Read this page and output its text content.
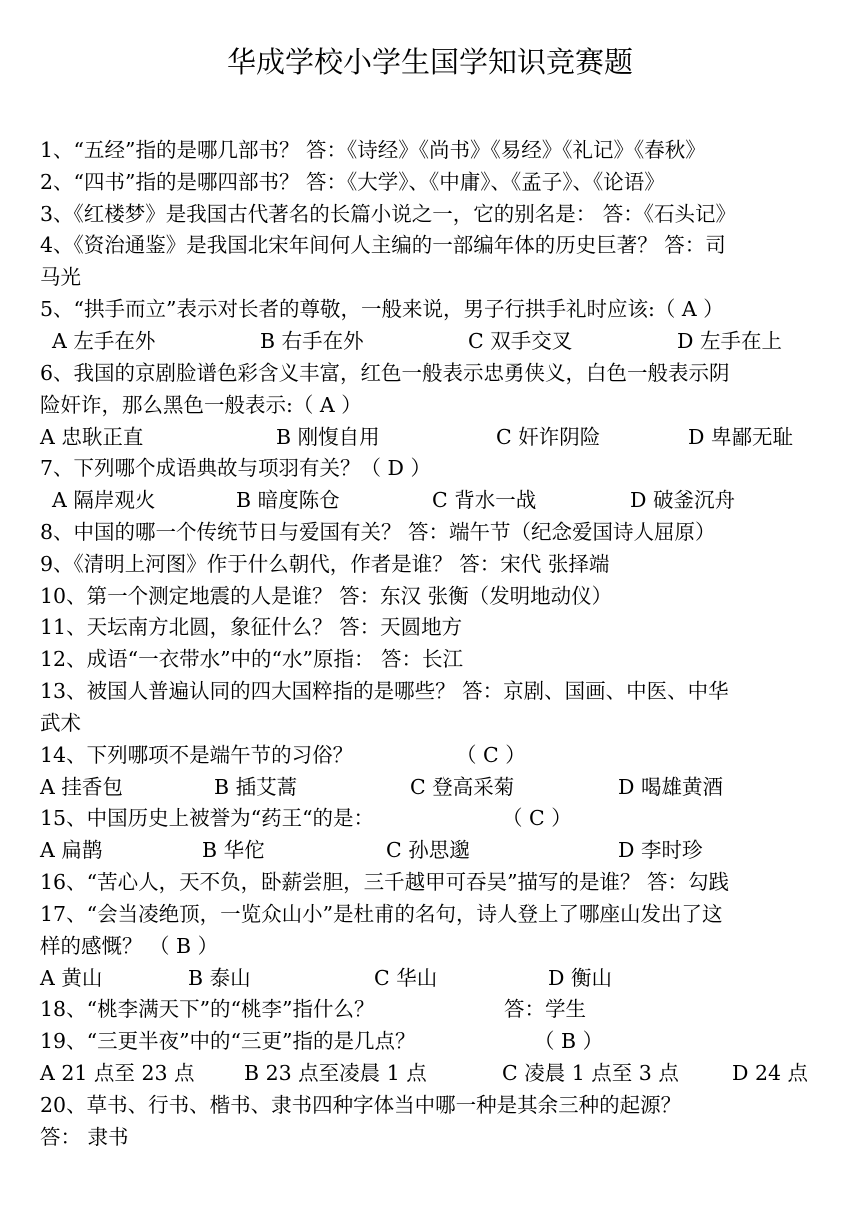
华成学校小学生国学知识竞赛题
1、“五经”指的是哪几部书？ 答：《诗经》《尚书》《易经》《礼记》《春秋》
2、“四书”指的是哪四部书？ 答：《大学》、《中庸》、《孟子》、《论语》
3、《红楼梦》是我国古代著名的长篇小说之一，它的别名是： 答：《石头记》
4、《资治通鉴》是我国北宋年间何人主编的一部编年体的历史巨著？ 答：司
马光
5、“拱手而立”表示对长者的尊敬，一般来说，男子行拱手礼时应该:（ A ）
A 左手在外	B 右手在外	C 双手交叉	D 左手在上
6、我国的京剧脸谱色彩含义丰富，红色一般表示忠勇侠义，白色一般表示阴
险奸诈，那么黑色一般表示:（ A ）
A 忠耿正直	B 刚愎自用	C 奸诈阴险	D 卑鄙无耻
7、下列哪个成语典故与项羽有关？（ D ）
A 隔岸观火	B 暗度陈仓	C 背水一战	D 破釜沉舟
8、中国的哪一个传统节日与爱国有关？ 答：端午节（纪念爱国诗人屈原）
9、《清明上河图》作于什么朝代，作者是谁？ 答：宋代 张择端
10、第一个测定地震的人是谁？ 答：东汉 张衡（发明地动仪）
11、天坛南方北圆，象征什么？ 答：天圆地方
12、成语“一衣带水”中的“水”原指： 答：长江
13、被国人普遍认同的四大国粹指的是哪些？ 答：京剧、国画、中医、中华
武术
14、下列哪项不是端午节的习俗？	（ C ）
A 挂香包	B 插艾蒿	C 登高采菊	D 喝雄黄酒
15、中国历史上被誉为“药王“的是：	（ C ）
A 扁鹊	B 华佗	C 孙思邈	D 李时珍
16、“苦心人，天不负，卧薪尝胆，三千越甲可吞吴”描写的是谁？ 答：勾践
17、“会当凌绝顶，一览众山小”是杜甫的名句，诗人登上了哪座山发出了这
样的感慨？ （ B ）
A 黄山	B 泰山	C 华山	D 衡山
18、“桃李满天下”的“桃李”指什么？	答：学生
19、“三更半夜”中的“三更”指的是几点？	（ B ）
A 21 点至 23 点 B 23 点至凌晨 1 点	C 凌晨 1 点至 3 点	D 24 点
20、草书、行书、楷书、隶书四种字体当中哪一种是其余三种的起源？
答： 隶书
